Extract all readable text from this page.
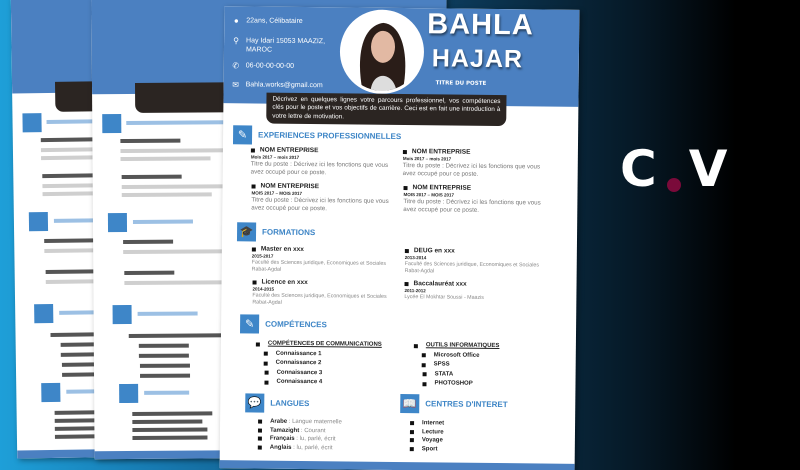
● 22ans, Célibataire
⚲ Hay Idari 15053 MAAZIZ, MAROC
✆ 06-00-00-00-00
✉ Bahla.works@gmail.com
BAHLA
HAJAR
TITRE DU POSTE
Décrivez en quelques lignes votre parcours professionnel, vos compétences clés pour le poste et vos objectifs de carrière. Ceci est en fait une introduction à votre lettre de motivation.
✎	EXPERIENCES PROFESSIONNELLES
NOM ENTREPRISE
Mois 2017 – mois 2017
Titre du poste : Décrivez ici les fonctions que vous avez occupé pour ce poste.
NOM ENTREPRISE
MOIS 2017 – MOIS 2017
Titre du poste : Décrivez ici les fonctions que vous avez occupé pour ce poste.
NOM ENTREPRISE
Mois 2017 – mois 2017
Titre du poste : Décrivez ici les fonctions que vous avez occupé pour ce poste.
NOM ENTREPRISE
MOIS 2017 – MOIS 2017
Titre du poste : Décrivez ici les fonctions que vous avez occupé pour ce poste.
🎓	FORMATIONS
Master en xxx
2015-2017
Faculté des Sciences juridique, Economiques et Sociales Rabat-Agdal
Licence en xxx
2014-2015
Faculté des Sciences juridique, Economiques et Sociales Rabat-Agdal
DEUG en xxx
2013-2014
Faculté des Sciences juridique, Economiques et Sociales Rabat-Agdal
Baccalauréat xxx
2011-2012
Lycée El Mokhtar Soussi - Maazis
✎	COMPÉTENCES
COMPÉTENCES DE COMMUNICATIONS
Connaissance 1
Connaissance 2
Connaissance 3
Connaissance 4
OUTILS INFORMATIQUES
Microsoft Office
SPSS
STATA
PHOTOSHOP
💬	LANGUES
Arabe : Langue maternelle
Tamazight : Courant
Français : lu, parlé, écrit
Anglais : lu, parlé, écrit
📖	CENTRES D'INTERET
Internet
Lecture
Voyage
Sport
C V
